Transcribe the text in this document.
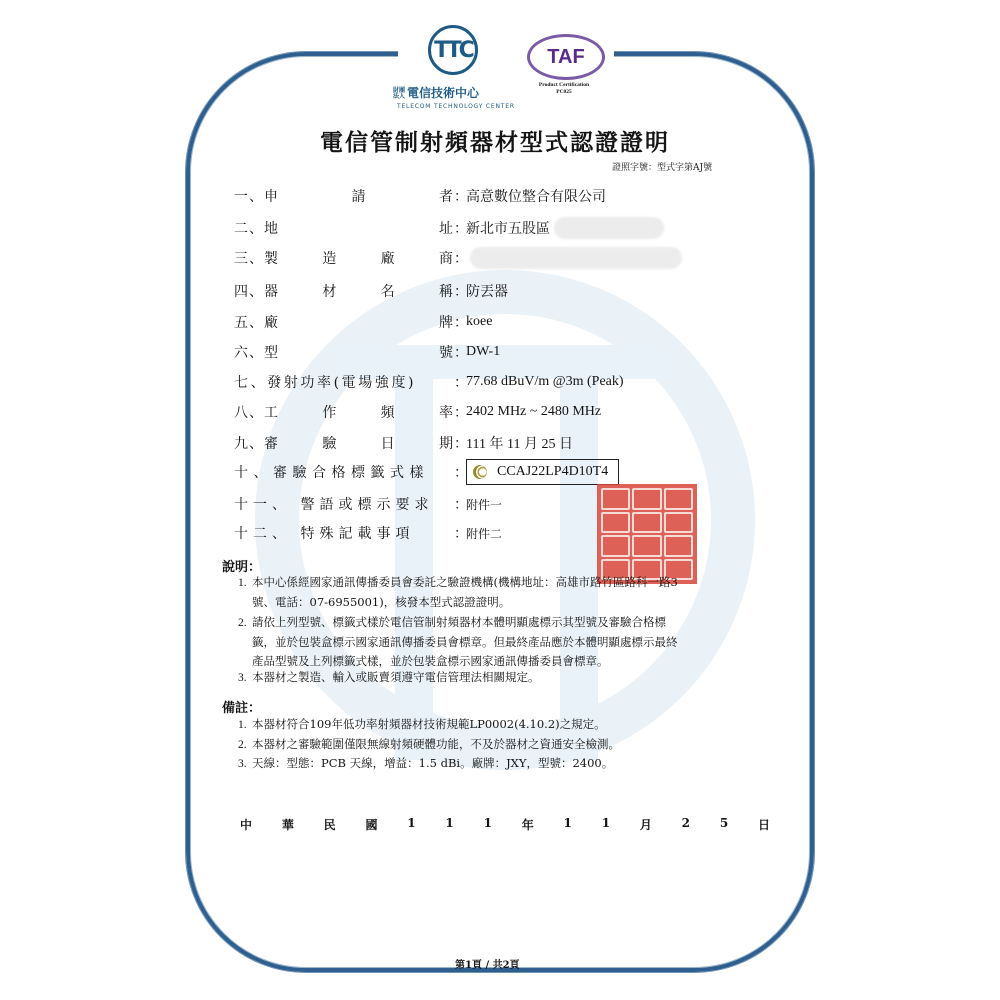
TTC
財團法人 電信技術中心
TELECOM TECHNOLOGY CENTER
TAF
Product Certification
PC025
電信管制射頻器材型式認證證明
證照字號：型式字第AJ號
一、申	請	者 ：
高意數位整合有限公司
二、地	址 ：
新北市五股區
三、製	造	廠	商 ：
四、器	材	名	稱 ：
防丟器
五、廠	牌 ：
koee
六、型	號 ：
DW-1
七、發射功率(電場強度)	：
77.68 dBuV/m @3m (Peak)
八、工	作	頻	率 ：
2402 MHz ~ 2480 MHz
九、審	驗	日	期 ：
111 年 11 月 25 日
十、審驗合格標籤式樣 ： CCAJ22LP4D10T4
十一、 警語或標示要求 ：
附件一
十二、 特殊記載事項	：
附件二
說明：
1. 本中心係經國家通訊傳播委員會委託之驗證機構(機構地址：高雄市路竹區路科一路3
號、電話：07-6955001)，核發本型式認證證明。
2. 請依上列型號、標籤式樣於電信管制射頻器材本體明顯處標示其型號及審驗合格標
籤，並於包裝盒標示國家通訊傳播委員會標章。但最終產品應於本體明顯處標示最終
產品型號及上列標籤式樣，並於包裝盒標示國家通訊傳播委員會標章。
3. 本器材之製造、輸入或販賣須遵守電信管理法相關規定。
備註：
1. 本器材符合109年低功率射頻器材技術規範LP0002(4.10.2)之規定。
2. 本器材之審驗範圍僅限無線射頻硬體功能，不及於器材之資通安全檢測。
3. 天線：型態：PCB 天線，增益：1.5 dBi。廠牌：JXY，型號：2400。
中 華 民 國 1 1 1 年 1 1 月 2 5 日
第1頁 / 共2頁
